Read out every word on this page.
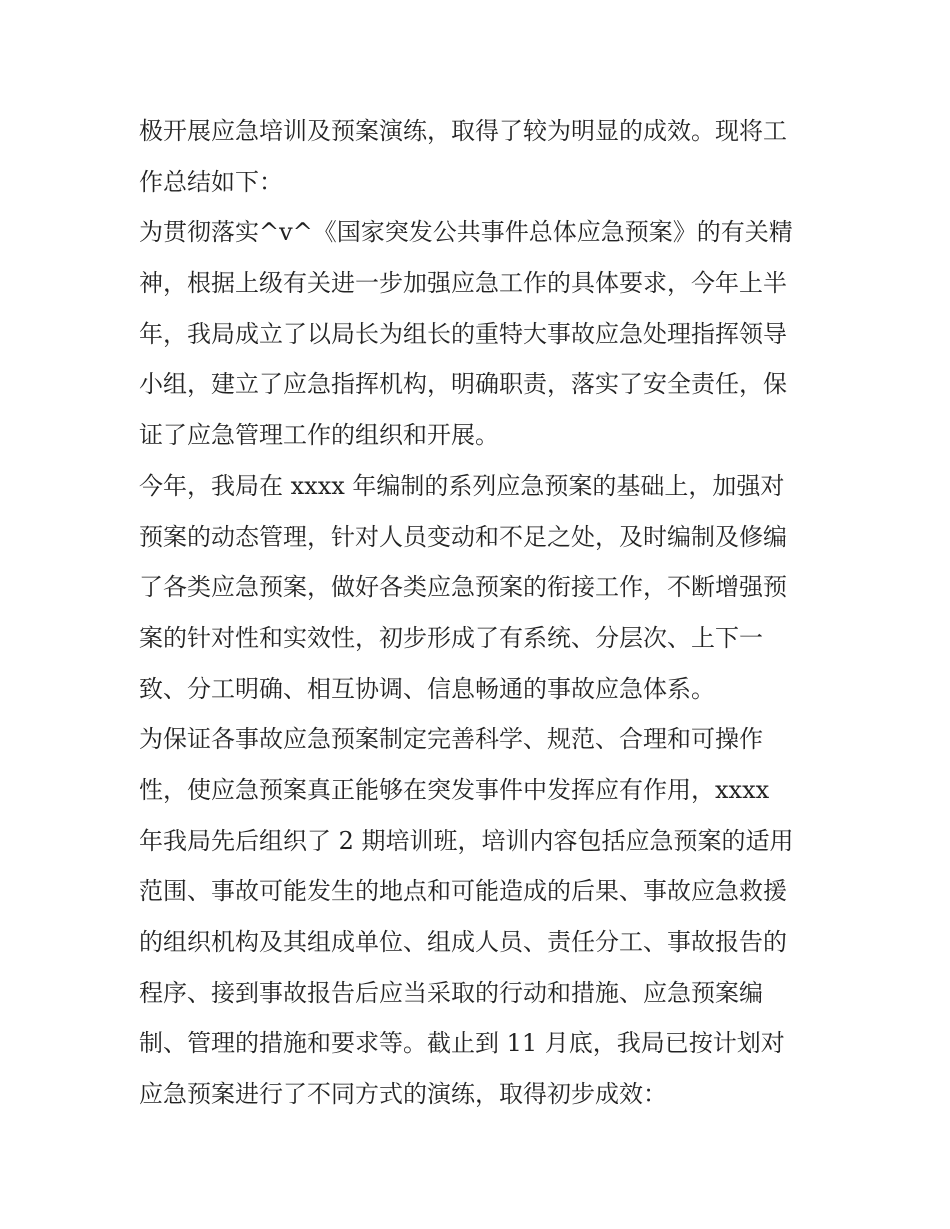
极开展应急培训及预案演练，取得了较为明显的成效。现将工
作总结如下：
为贯彻落实^v^《国家突发公共事件总体应急预案》的有关精
神，根据上级有关进一步加强应急工作的具体要求，今年上半
年，我局成立了以局长为组长的重特大事故应急处理指挥领导
小组，建立了应急指挥机构，明确职责，落实了安全责任，保
证了应急管理工作的组织和开展。
今年，我局在 xxxx 年编制的系列应急预案的基础上，加强对
预案的动态管理，针对人员变动和不足之处，及时编制及修编
了各类应急预案，做好各类应急预案的衔接工作，不断增强预
案的针对性和实效性，初步形成了有系统、分层次、上下一
致、分工明确、相互协调、信息畅通的事故应急体系。
为保证各事故应急预案制定完善科学、规范、合理和可操作
性，使应急预案真正能够在突发事件中发挥应有作用，xxxx
年我局先后组织了 2 期培训班，培训内容包括应急预案的适用
范围、事故可能发生的地点和可能造成的后果、事故应急救援
的组织机构及其组成单位、组成人员、责任分工、事故报告的
程序、接到事故报告后应当采取的行动和措施、应急预案编
制、管理的措施和要求等。截止到 11 月底，我局已按计划对
应急预案进行了不同方式的演练，取得初步成效：
